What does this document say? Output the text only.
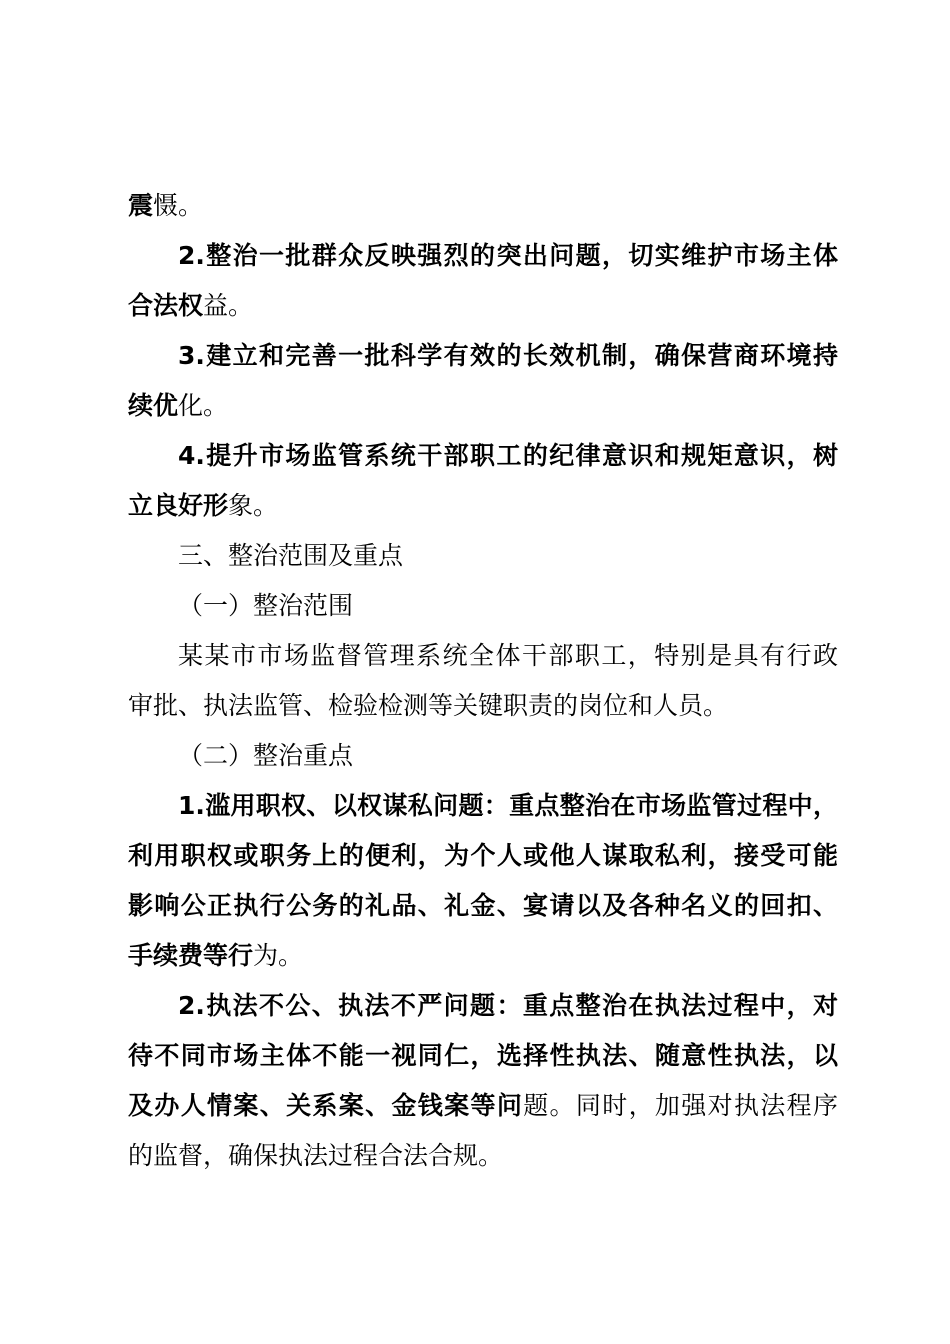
震慑。
2.整治一批群众反映强烈的突出问题，切实维护市场主体
合法权益。
3.建立和完善一批科学有效的长效机制，确保营商环境持
续优化。
4.提升市场监管系统干部职工的纪律意识和规矩意识，树
立良好形象。
三、整治范围及重点
（一）整治范围
某某市市场监督管理系统全体干部职工，特别是具有行政
审批、执法监管、检验检测等关键职责的岗位和人员。
（二）整治重点
1.滥用职权、以权谋私问题：重点整治在市场监管过程中，
利用职权或职务上的便利，为个人或他人谋取私利，接受可能
影响公正执行公务的礼品、礼金、宴请以及各种名义的回扣、
手续费等行为。
2.执法不公、执法不严问题：重点整治在执法过程中，对
待不同市场主体不能一视同仁，选择性执法、随意性执法，以
及办人情案、关系案、金钱案等问题。同时，加强对执法程序
的监督，确保执法过程合法合规。
